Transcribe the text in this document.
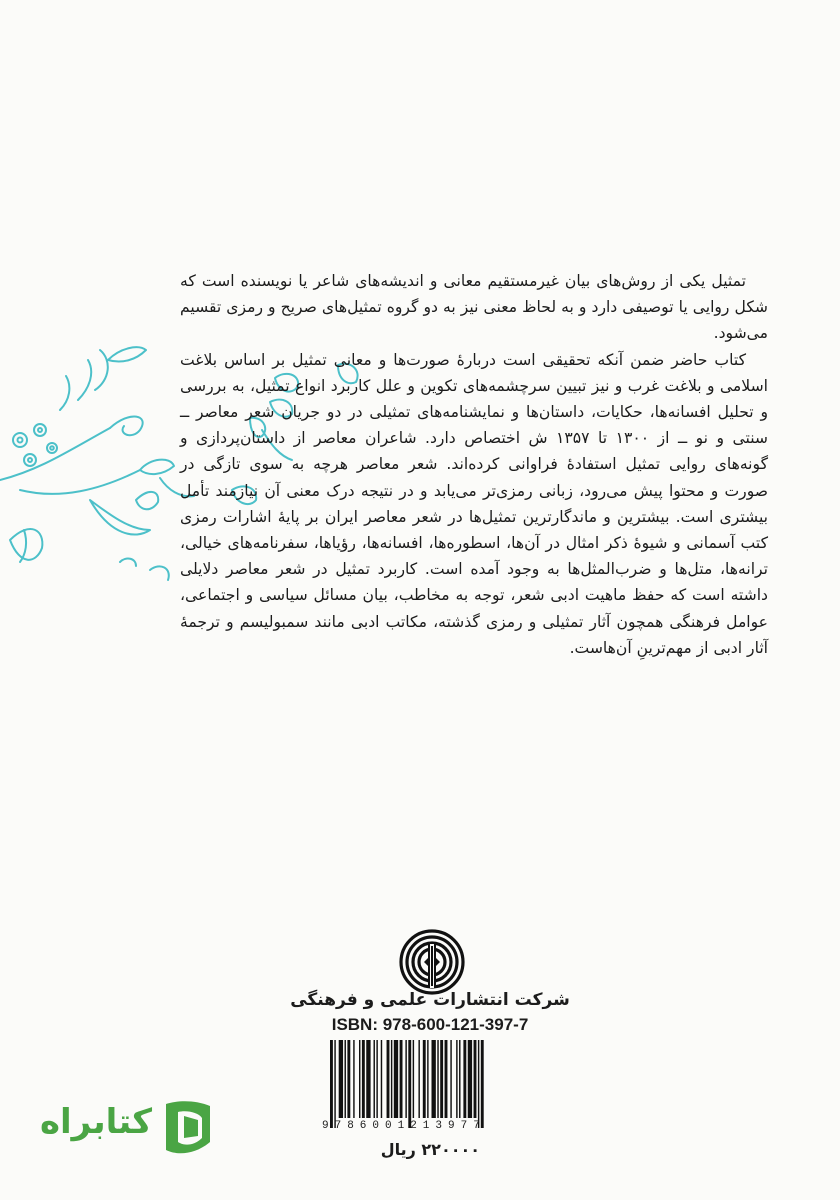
تمثیل یکی از روش‌های بیان غیرمستقیم معانی و اندیشه‌های شاعر یا نویسنده است که شکل روایی یا توصیفی دارد و به لحاظ معنی نیز به دو گروه تمثیل‌های صریح و رمزی تقسیم می‌شود.

کتاب حاضر ضمن آنکه تحقیقی است دربارهٔ صورت‌ها و معانی تمثیل بر اساس بلاغت اسلامی و بلاغت غرب و نیز تبیین سرچشمه‌های تکوین و علل کاربرد انواع تمثیل، به بررسی و تحلیل افسانه‌ها، حکایات، داستان‌ها و نمایشنامه‌های تمثیلی در دو جریان شعر معاصر ــ سنتی و نو ــ از ۱۳۰۰ تا ۱۳۵۷ ش اختصاص دارد. شاعران معاصر از داستان‌پردازی و گونه‌های روایی تمثیل استفادهٔ فراوانی کرده‌اند. شعر معاصر هرچه به سوی تازگی در صورت و محتوا پیش می‌رود، زبانی رمزی‌تر می‌یابد و در نتیجه درک معنی آن نیازمند تأمل بیشتری است. بیشترین و ماندگارترین تمثیل‌ها در شعر معاصر ایران بر پایهٔ اشارات رمزی کتب آسمانی و شیوهٔ ذکر امثال در آن‌ها، اسطوره‌ها، افسانه‌ها، رؤیاها، سفرنامه‌های خیالی، ترانه‌ها، متل‌ها و ضرب‌المثل‌ها به وجود آمده است. کاربرد تمثیل در شعر معاصر دلایلی داشته است که حفظ ماهیت ادبی شعر، توجه به مخاطب، بیان مسائل سیاسی و اجتماعی، عوامل فرهنگی همچون آثار تمثیلی و رمزی گذشته، مکاتب ادبی مانند سمبولیسم و ترجمهٔ آثار ادبی از مهم‌ترینِ آن‌هاست.

شرکت انتشارات علمی و فرهنگی
ISBN: 978-600-121-397-7
9786001213977
۲۲۰۰۰۰ ریال
کتابراه
